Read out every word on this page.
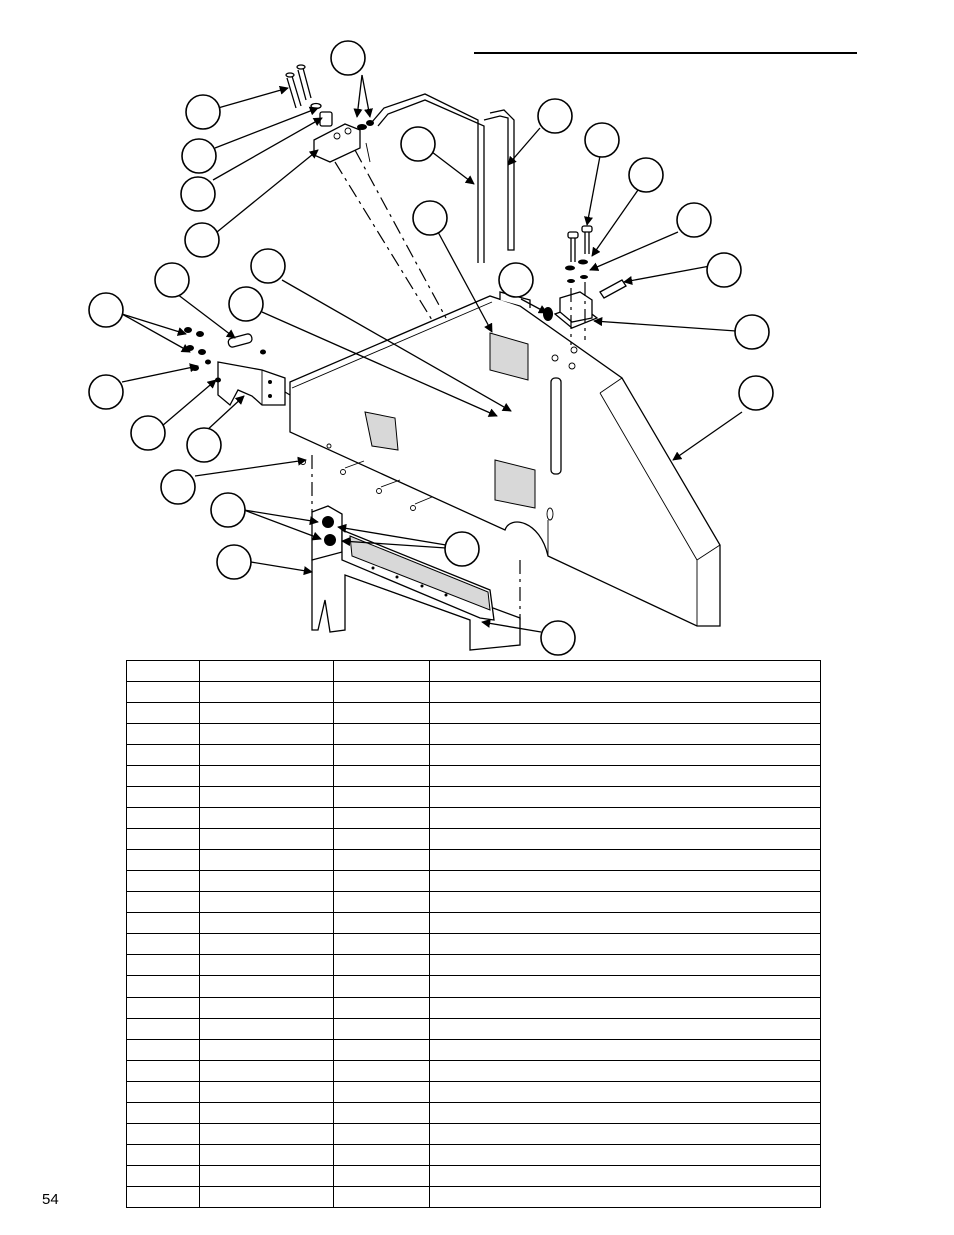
54
